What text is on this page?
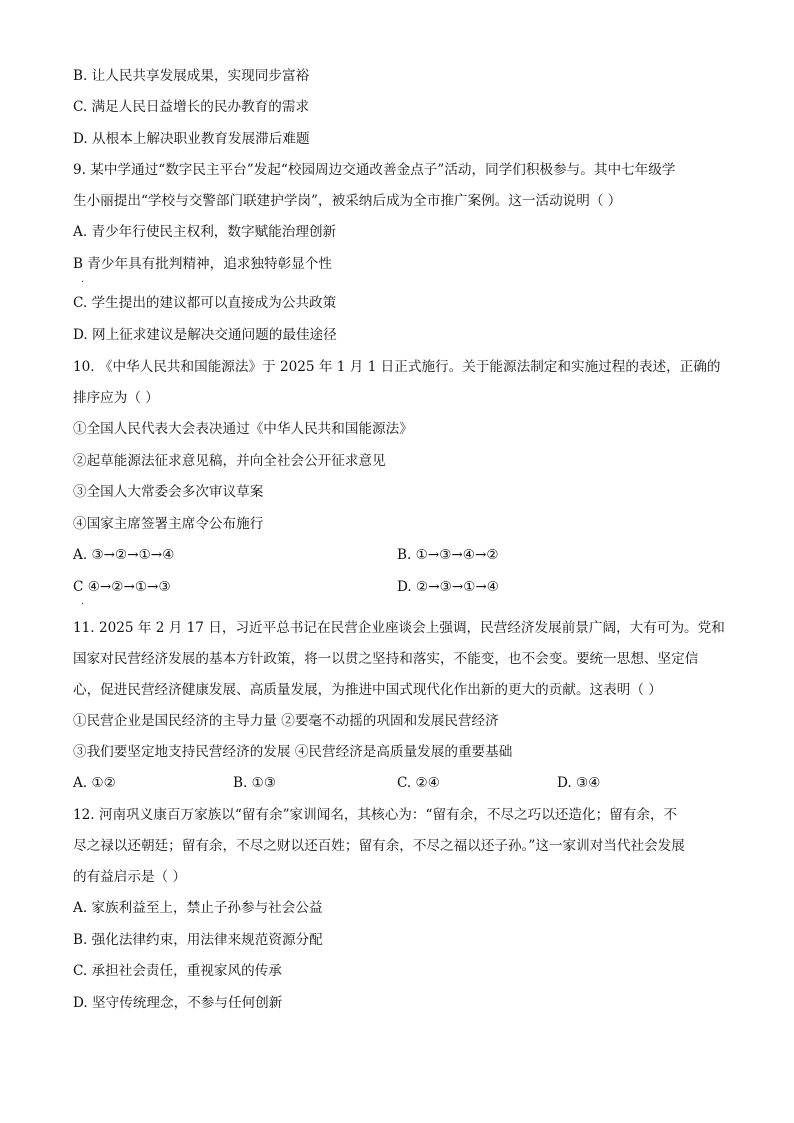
B. 让人民共享发展成果，实现同步富裕
C. 满足人民日益增长的民办教育的需求
D. 从根本上解决职业教育发展滞后难题
9. 某中学通过“数字民主平台”发起“校园周边交通改善金点子”活动，同学们积极参与。其中七年级学
生小丽提出“学校与交警部门联建护学岗”，被采纳后成为全市推广案例。这一活动说明（ ）
A. 青少年行使民主权利，数字赋能治理创新
B 青少年具有批判精神，追求独特彰显个性
·
C. 学生提出的建议都可以直接成为公共政策
D. 网上征求建议是解决交通问题的最佳途径
10. 《中华人民共和国能源法》于 2025 年 1 月 1 日正式施行。关于能源法制定和实施过程的表述，正确的
排序应为（ ）
①全国人民代表大会表决通过《中华人民共和国能源法》
②起草能源法征求意见稿，并向全社会公开征求意见
③全国人大常委会多次审议草案
④国家主席签署主席令公布施行
A. ③→②→①→④	B. ①→③→④→②
C ④→②→①→③	D. ②→③→①→④
·
11. 2025 年 2 月 17 日，习近平总书记在民营企业座谈会上强调，民营经济发展前景广阔，大有可为。党和
国家对民营经济发展的基本方针政策，将一以贯之坚持和落实，不能变，也不会变。要统一思想、坚定信
心，促进民营经济健康发展、高质量发展，为推进中国式现代化作出新的更大的贡献。这表明（ ）
①民营企业是国民经济的主导力量 ②要毫不动摇的巩固和发展民营经济
③我们要坚定地支持民营经济的发展 ④民营经济是高质量发展的重要基础
A. ①②	B. ①③	C. ②④	D. ③④
12. 河南巩义康百万家族以“留有余”家训闻名，其核心为：“留有余，不尽之巧以还造化；留有余，不
尽之禄以还朝廷；留有余，不尽之财以还百姓；留有余，不尽之福以还子孙。”这一家训对当代社会发展
的有益启示是（ ）
A. 家族利益至上，禁止子孙参与社会公益
B. 强化法律约束，用法律来规范资源分配
C. 承担社会责任，重视家风的传承
D. 坚守传统理念，不参与任何创新
